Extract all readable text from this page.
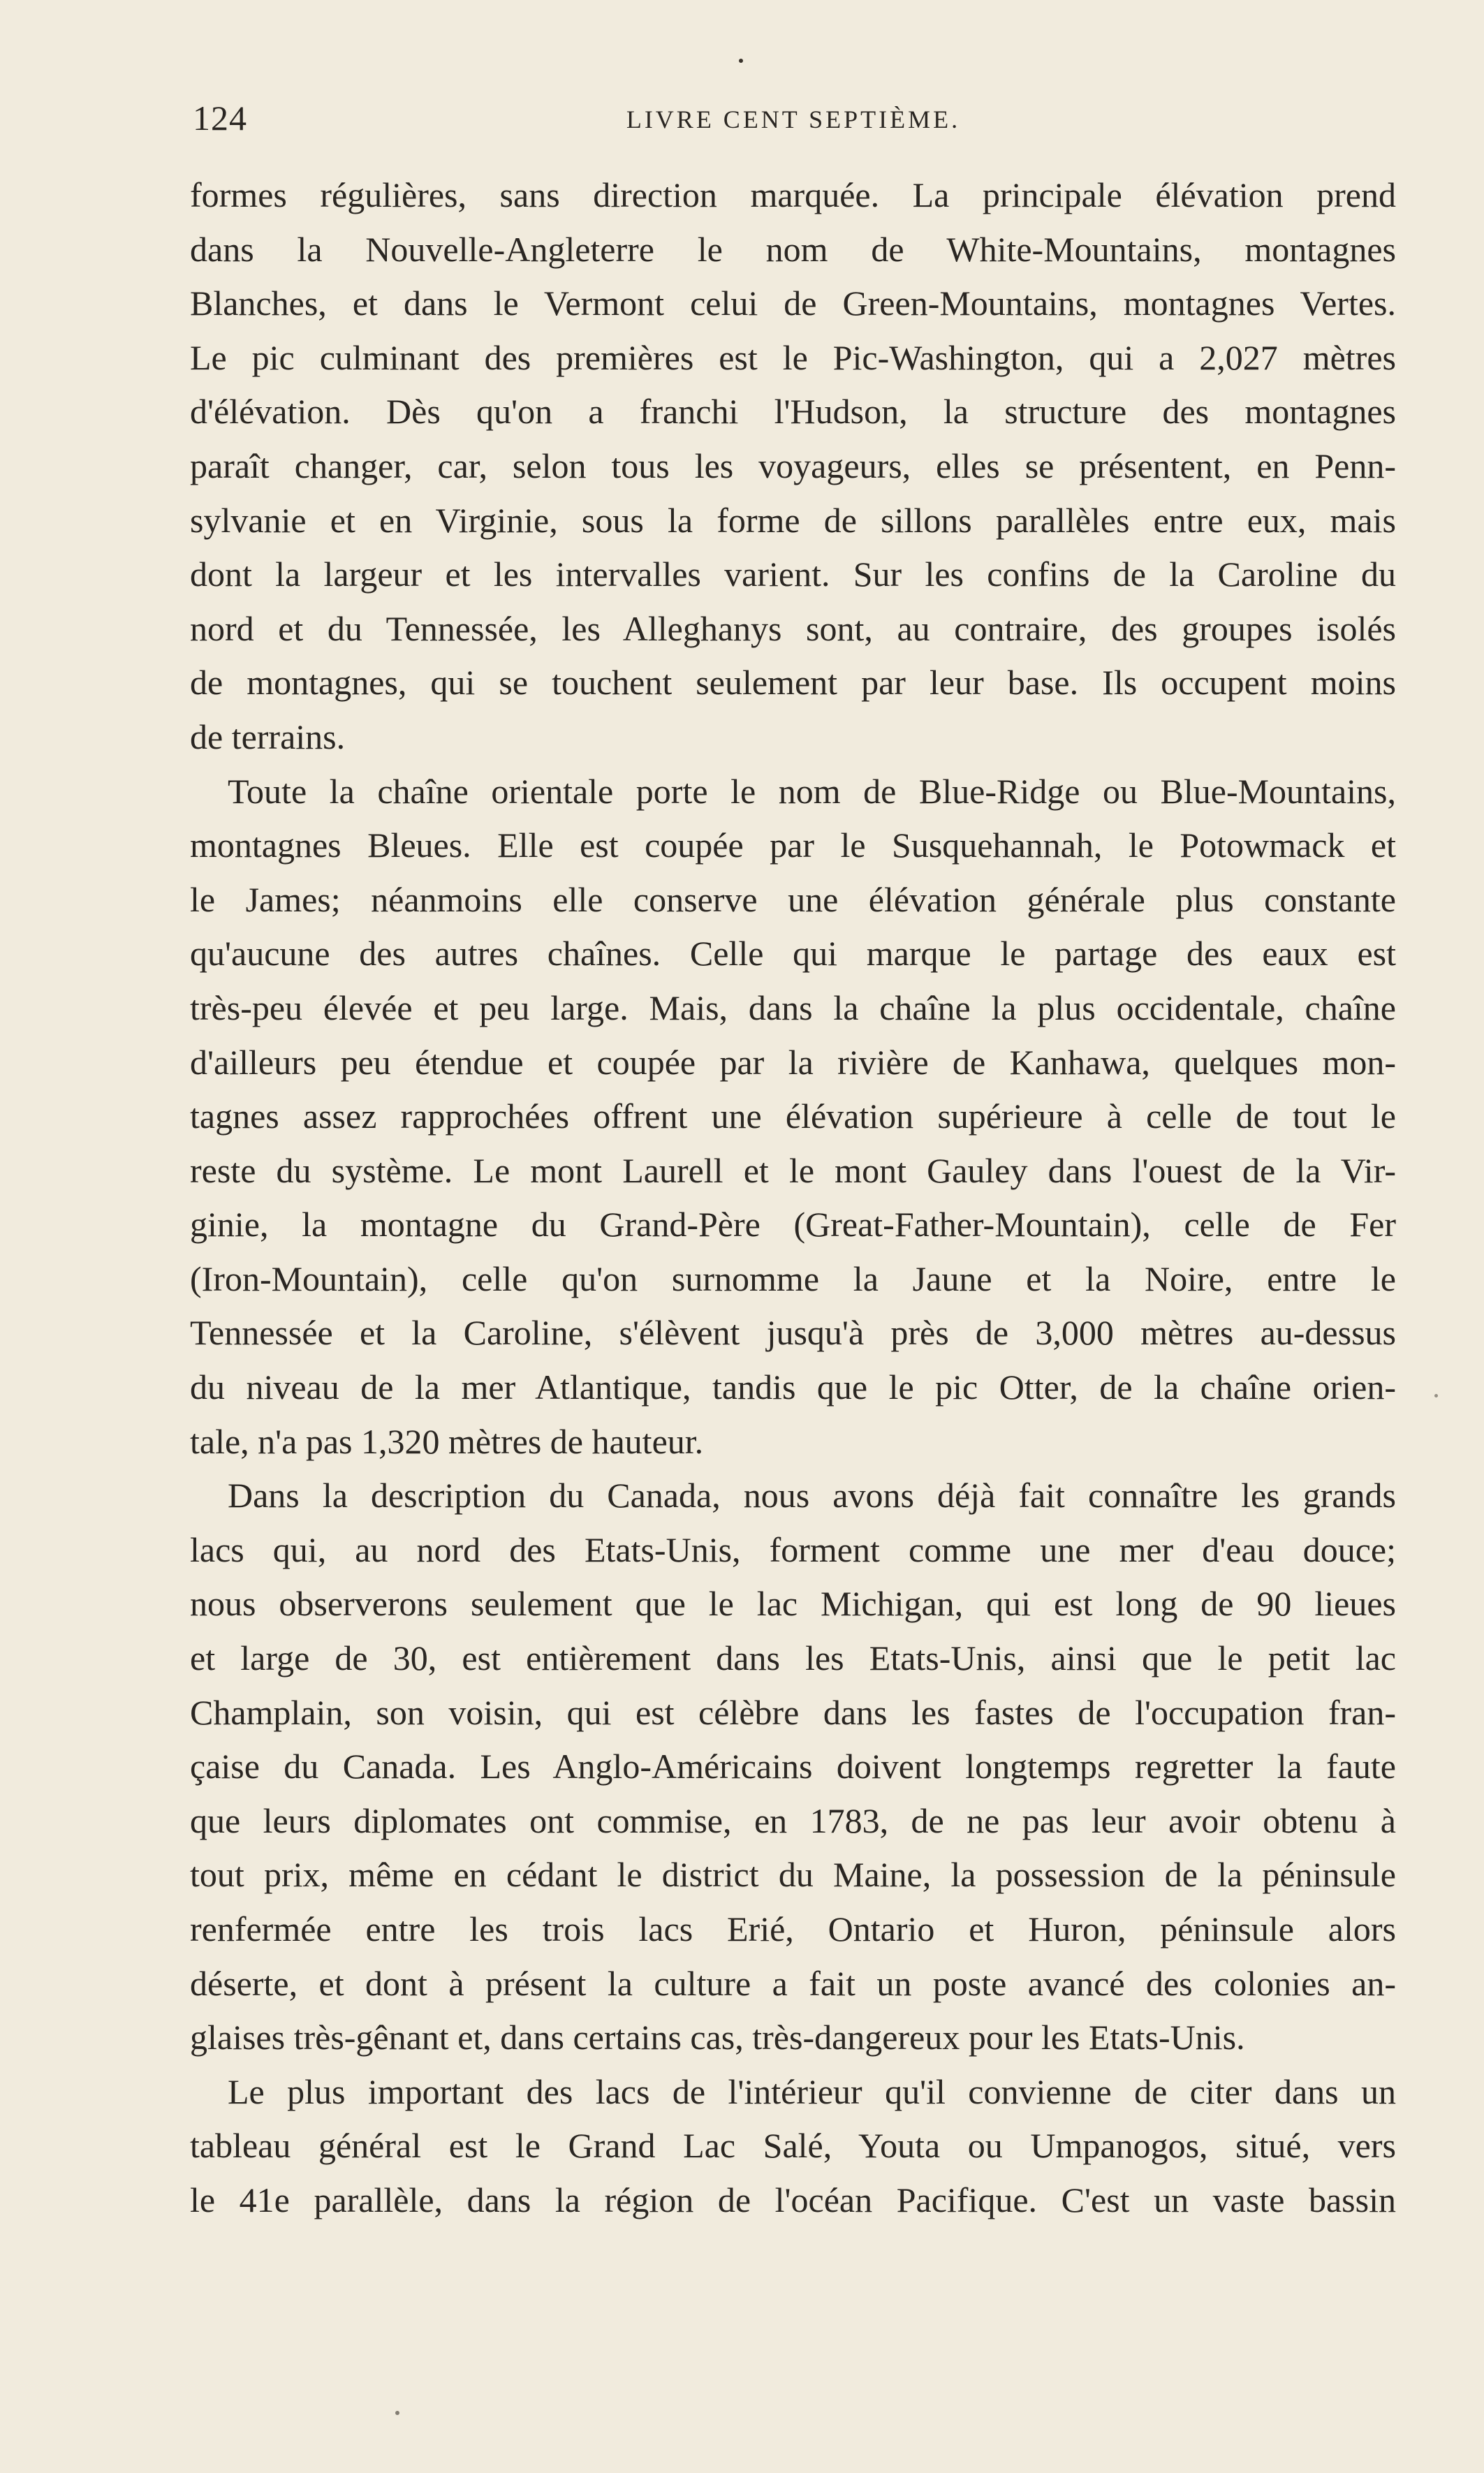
124	LIVRE CENT SEPTIÈME.
formes régulières, sans direction marquée. La principale élévation prend
dans la Nouvelle-Angleterre le nom de White-Mountains, montagnes
Blanches, et dans le Vermont celui de Green-Mountains, montagnes Vertes.
Le pic culminant des premières est le Pic-Washington, qui a 2,027 mètres
d'élévation. Dès qu'on a franchi l'Hudson, la structure des montagnes
paraît changer, car, selon tous les voyageurs, elles se présentent, en Penn-
sylvanie et en Virginie, sous la forme de sillons parallèles entre eux, mais
dont la largeur et les intervalles varient. Sur les confins de la Caroline du
nord et du Tennessée, les Alleghanys sont, au contraire, des groupes isolés
de montagnes, qui se touchent seulement par leur base. Ils occupent moins
de terrains.
Toute la chaîne orientale porte le nom de Blue-Ridge ou Blue-Mountains,
montagnes Bleues. Elle est coupée par le Susquehannah, le Potowmack et
le James; néanmoins elle conserve une élévation générale plus constante
qu'aucune des autres chaînes. Celle qui marque le partage des eaux est
très-peu élevée et peu large. Mais, dans la chaîne la plus occidentale, chaîne
d'ailleurs peu étendue et coupée par la rivière de Kanhawa, quelques mon-
tagnes assez rapprochées offrent une élévation supérieure à celle de tout le
reste du système. Le mont Laurell et le mont Gauley dans l'ouest de la Vir-
ginie, la montagne du Grand-Père (Great-Father-Mountain), celle de Fer
(Iron-Mountain), celle qu'on surnomme la Jaune et la Noire, entre le
Tennessée et la Caroline, s'élèvent jusqu'à près de 3,000 mètres au-dessus
du niveau de la mer Atlantique, tandis que le pic Otter, de la chaîne orien-
tale, n'a pas 1,320 mètres de hauteur.
Dans la description du Canada, nous avons déjà fait connaître les grands
lacs qui, au nord des Etats-Unis, forment comme une mer d'eau douce;
nous observerons seulement que le lac Michigan, qui est long de 90 lieues
et large de 30, est entièrement dans les Etats-Unis, ainsi que le petit lac
Champlain, son voisin, qui est célèbre dans les fastes de l'occupation fran-
çaise du Canada. Les Anglo-Américains doivent longtemps regretter la faute
que leurs diplomates ont commise, en 1783, de ne pas leur avoir obtenu à
tout prix, même en cédant le district du Maine, la possession de la péninsule
renfermée entre les trois lacs Erié, Ontario et Huron, péninsule alors
déserte, et dont à présent la culture a fait un poste avancé des colonies an-
glaises très-gênant et, dans certains cas, très-dangereux pour les Etats-Unis.
Le plus important des lacs de l'intérieur qu'il convienne de citer dans un
tableau général est le Grand Lac Salé, Youta ou Umpanogos, situé, vers
le 41e parallèle, dans la région de l'océan Pacifique. C'est un vaste bassin
